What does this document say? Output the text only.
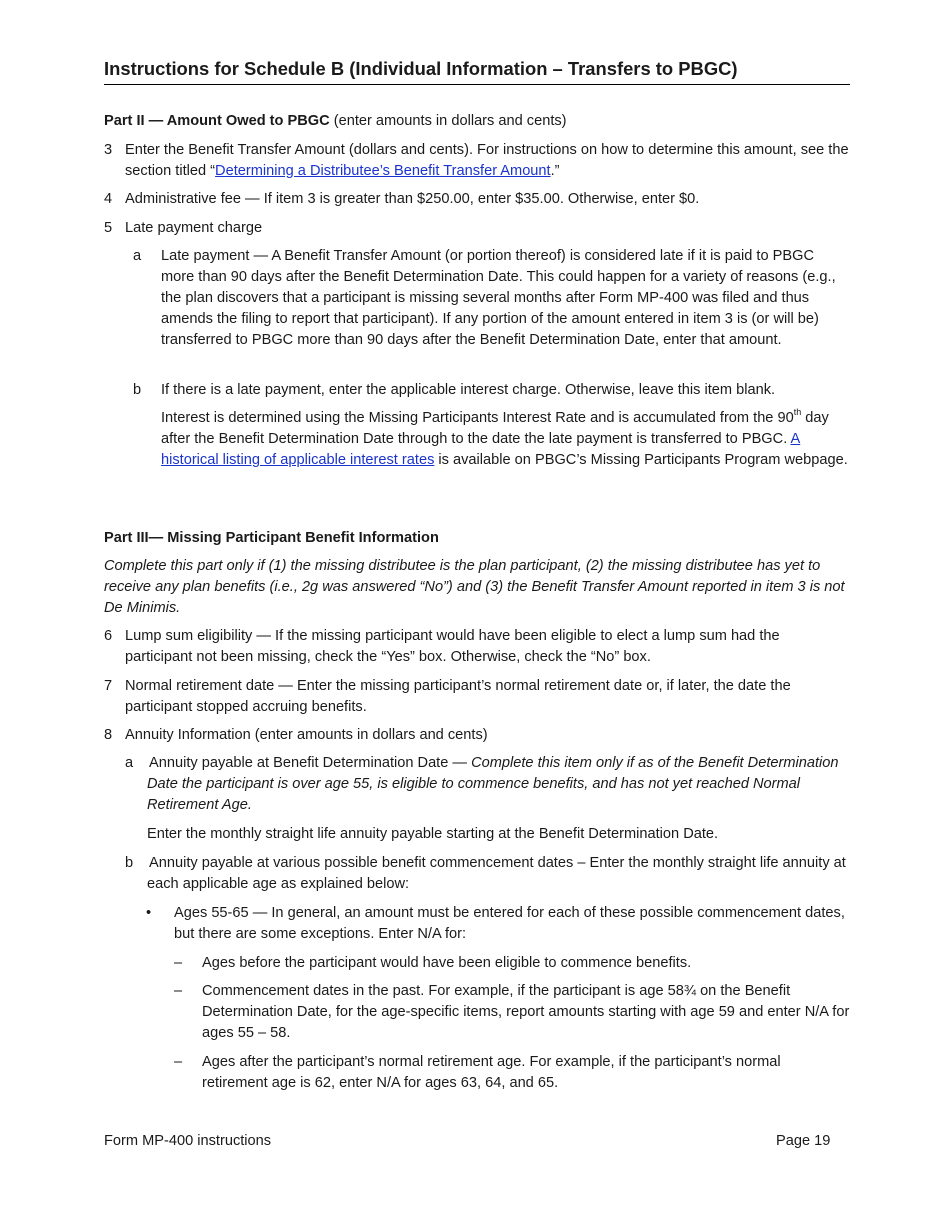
Instructions for Schedule B (Individual Information – Transfers to PBGC)
Part II — Amount Owed to PBGC (enter amounts in dollars and cents)
3 Enter the Benefit Transfer Amount (dollars and cents). For instructions on how to determine this amount, see the section titled “Determining a Distributee’s Benefit Transfer Amount.”
4 Administrative fee — If item 3 is greater than $250.00, enter $35.00. Otherwise, enter $0.
5 Late payment charge
a Late payment — A Benefit Transfer Amount (or portion thereof) is considered late if it is paid to PBGC more than 90 days after the Benefit Determination Date. This could happen for a variety of reasons (e.g., the plan discovers that a participant is missing several months after Form MP-400 was filed and thus amends the filing to report that participant). If any portion of the amount entered in item 3 is (or will be) transferred to PBGC more than 90 days after the Benefit Determination Date, enter that amount.
b If there is a late payment, enter the applicable interest charge. Otherwise, leave this item blank.
Interest is determined using the Missing Participants Interest Rate and is accumulated from the 90th day after the Benefit Determination Date through to the date the late payment is transferred to PBGC. A historical listing of applicable interest rates is available on PBGC’s Missing Participants Program webpage.
Part III— Missing Participant Benefit Information
Complete this part only if (1) the missing distributee is the plan participant, (2) the missing distributee has yet to receive any plan benefits (i.e., 2g was answered “No”) and (3) the Benefit Transfer Amount reported in item 3 is not De Minimis.
6 Lump sum eligibility — If the missing participant would have been eligible to elect a lump sum had the participant not been missing, check the “Yes” box. Otherwise, check the “No” box.
7 Normal retirement date — Enter the missing participant’s normal retirement date or, if later, the date the participant stopped accruing benefits.
8 Annuity Information (enter amounts in dollars and cents)
a Annuity payable at Benefit Determination Date — Complete this item only if as of the Benefit Determination Date the participant is over age 55, is eligible to commence benefits, and has not yet reached Normal Retirement Age.
Enter the monthly straight life annuity payable starting at the Benefit Determination Date.
b Annuity payable at various possible benefit commencement dates – Enter the monthly straight life annuity at each applicable age as explained below:
• Ages 55-65 — In general, an amount must be entered for each of these possible commencement dates, but there are some exceptions. Enter N/A for:
– Ages before the participant would have been eligible to commence benefits.
– Commencement dates in the past. For example, if the participant is age 58¾ on the Benefit Determination Date, for the age-specific items, report amounts starting with age 59 and enter N/A for ages 55 – 58.
– Ages after the participant’s normal retirement age. For example, if the participant’s normal retirement age is 62, enter N/A for ages 63, 64, and 65.
Form MP-400 instructions	Page 19
